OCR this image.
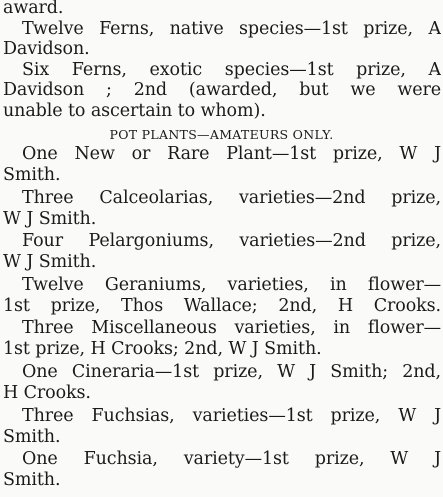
award.
Twelve Ferns, native species—1st prize, A
Davidson.
Six Ferns, exotic species—1st prize, A
Davidson ; 2nd (awarded, but we were
unable to ascertain to whom).
POT PLANTS—AMATEURS ONLY.
One New or Rare Plant—1st prize, W J
Smith.
Three Calceolarias, varieties—2nd prize,
W J Smith.
Four Pelargoniums, varieties—2nd prize,
W J Smith.
Twelve Geraniums, varieties, in flower—
1st prize, Thos Wallace; 2nd, H Crooks.
Three Miscellaneous varieties, in flower—
1st prize, H Crooks; 2nd, W J Smith.
One Cineraria—1st prize, W J Smith; 2nd,
H Crooks.
Three Fuchsias, varieties—1st prize, W J
Smith.
One Fuchsia, variety—1st prize, W J
Smith.
